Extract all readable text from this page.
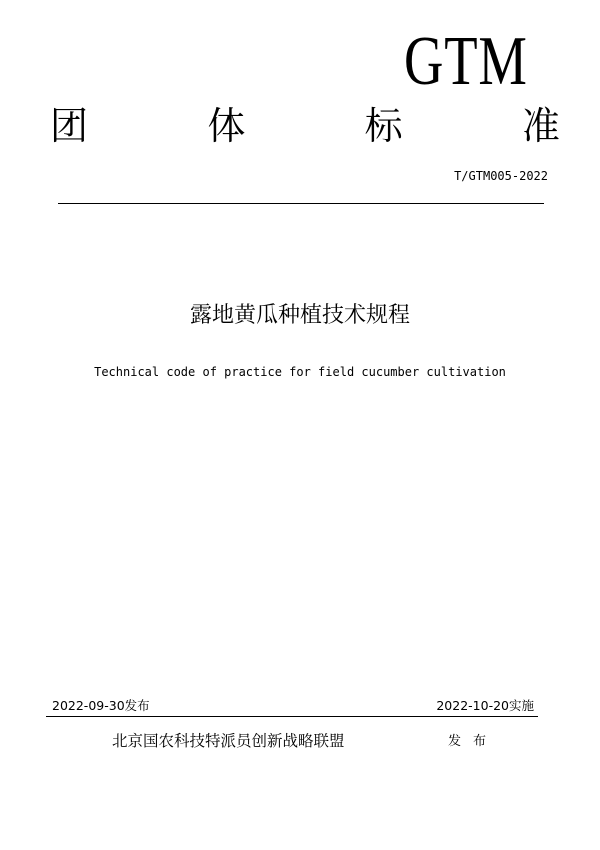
GTM
团	体	标	准
T/GTM005-2022
露地黄瓜种植技术规程
Technical code of practice for field cucumber cultivation
2022-09-30发布	2022-10-20实施
北京国农科技特派员创新战略联盟	发布
